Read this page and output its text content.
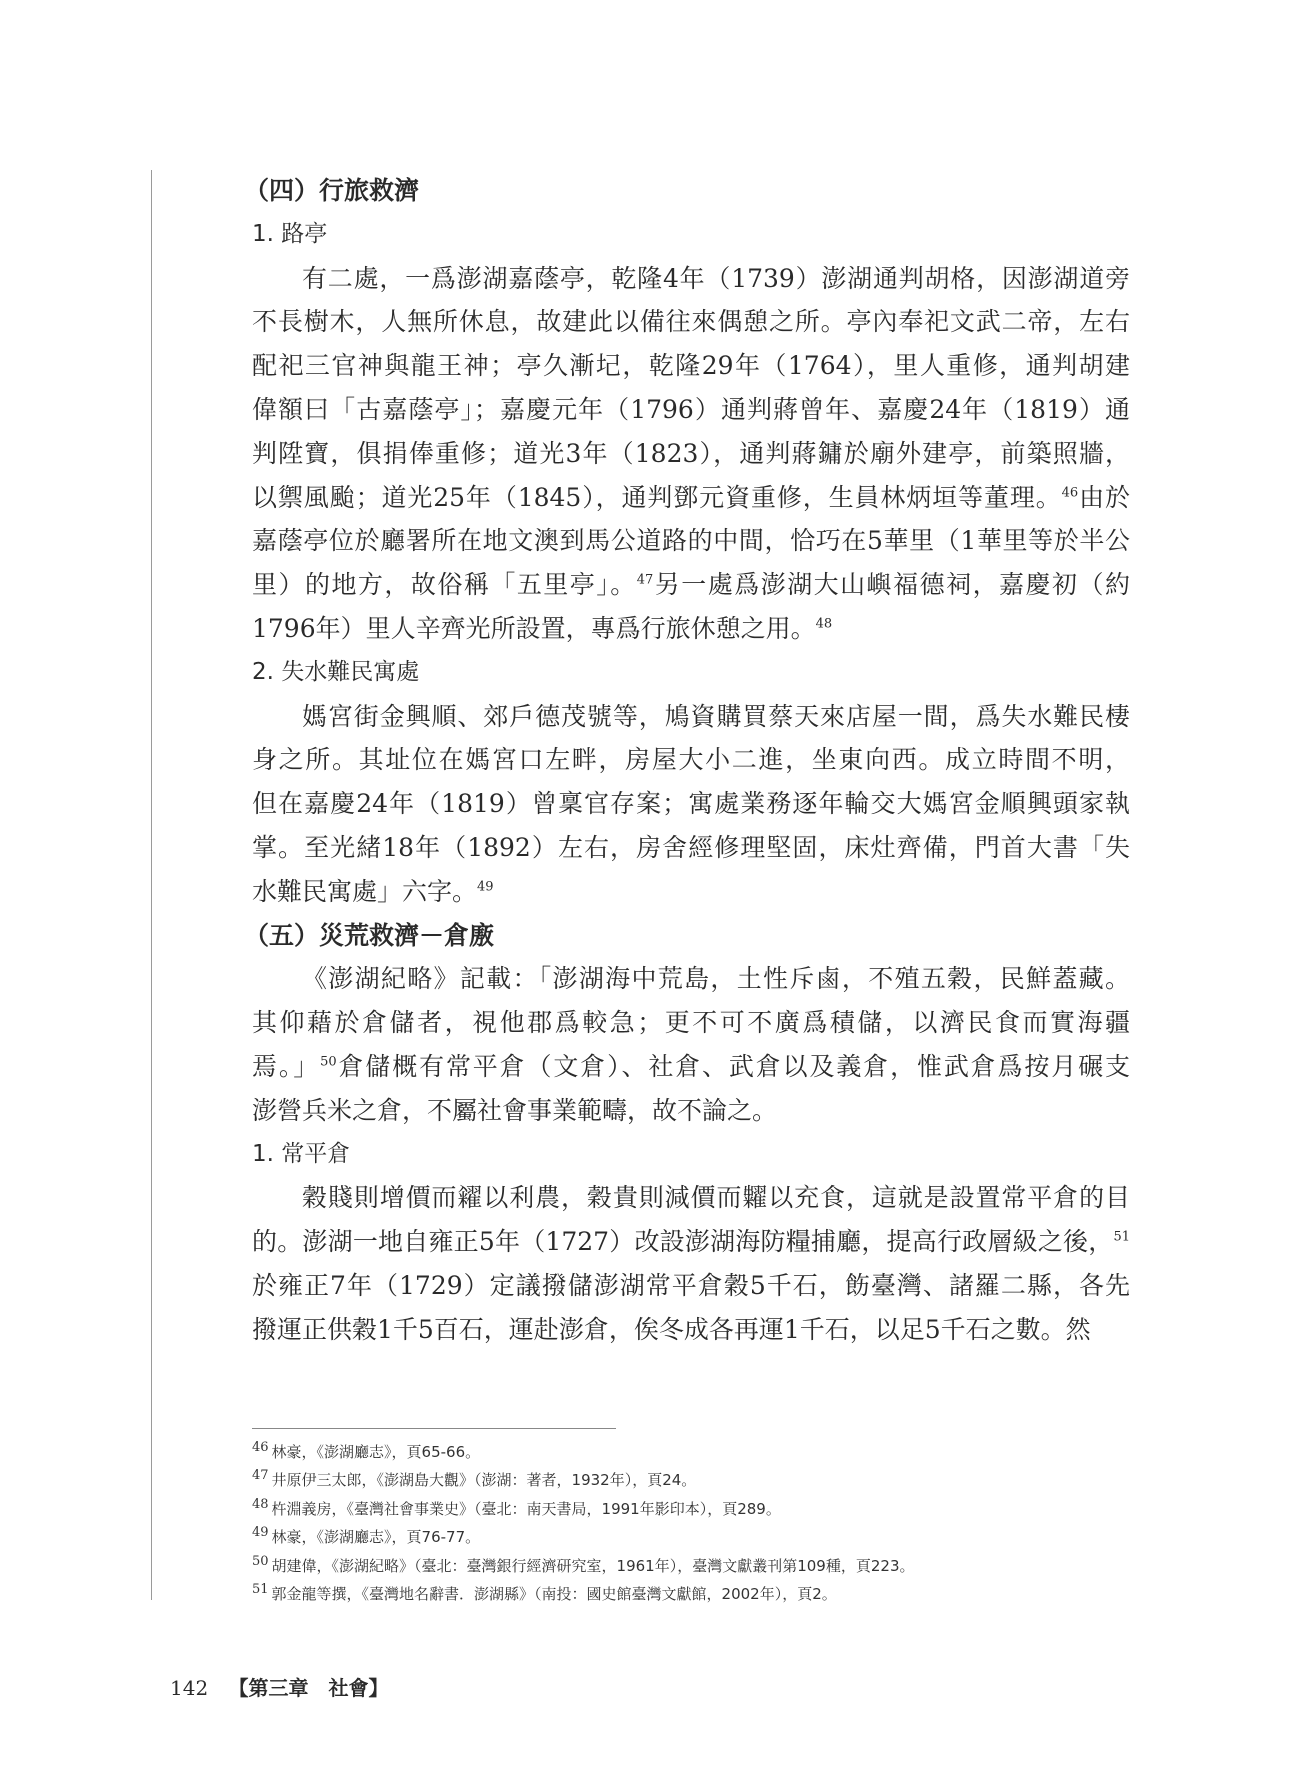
（四）行旅救濟
1. 路亭
有二處，一爲澎湖嘉蔭亭，乾隆4年（1739）澎湖通判胡格，因澎湖道旁
不長樹木，人無所休息，故建此以備往來偶憩之所。亭內奉祀文武二帝，左右
配祀三官神與龍王神；亭久漸圮，乾隆29年（1764），里人重修，通判胡建
偉額曰「古嘉蔭亭」；嘉慶元年（1796）通判蔣曾年、嘉慶24年（1819）通
判陞寶，俱捐俸重修；道光3年（1823），通判蔣鏞於廟外建亭，前築照牆，
以禦風颱；道光25年（1845），通判鄧元資重修，生員林炳垣等董理。$^{46}$由於
嘉蔭亭位於廳署所在地文澳到馬公道路的中間，恰巧在5華里（1華里等於半公
里）的地方，故俗稱「五里亭」。$^{47}$另一處爲澎湖大山嶼福德祠，嘉慶初（約
1796年）里人辛齊光所設置，專爲行旅休憩之用。$^{48}$
2. 失水難民寓處
媽宮街金興順、郊戶德茂號等，鳩資購買蔡天來店屋一間，爲失水難民棲
身之所。其址位在媽宮口左畔，房屋大小二進，坐東向西。成立時間不明，
但在嘉慶24年（1819）曾稟官存案；寓處業務逐年輪交大媽宮金順興頭家執
掌。至光緒18年（1892）左右，房舍經修理堅固，床灶齊備，門首大書「失
水難民寓處」六字。$^{49}$
（五）災荒救濟－倉廒
《澎湖紀略》記載：「澎湖海中荒島，土性斥鹵，不殖五穀，民鮮蓋藏。
其仰藉於倉儲者，視他郡爲較急；更不可不廣爲積儲，以濟民食而實海疆
焉。」$^{50}$倉儲概有常平倉（文倉）、社倉、武倉以及義倉，惟武倉爲按月碾支
澎營兵米之倉，不屬社會事業範疇，故不論之。
1. 常平倉
穀賤則增價而糴以利農，穀貴則減價而糶以充食，這就是設置常平倉的目
的。澎湖一地自雍正5年（1727）改設澎湖海防糧捕廳，提高行政層級之後，$^{51}$
於雍正7年（1729）定議撥儲澎湖常平倉穀5千石，飭臺灣、諸羅二縣，各先
撥運正供穀1千5百石，運赴澎倉，俟冬成各再運1千石，以足5千石之數。然
46 林豪，《澎湖廳志》，頁65-66。
47 井原伊三太郎，《澎湖島大觀》（澎湖：著者，1932年），頁24。
48 杵淵義房，《臺灣社會事業史》（臺北：南天書局，1991年影印本），頁289。
49 林豪，《澎湖廳志》，頁76-77。
50 胡建偉，《澎湖紀略》（臺北：臺灣銀行經濟研究室，1961年），臺灣文獻叢刊第109種，頁223。
51 郭金龍等撰，《臺灣地名辭書．澎湖縣》（南投：國史館臺灣文獻館，2002年），頁2。
142 【第三章　社會】
